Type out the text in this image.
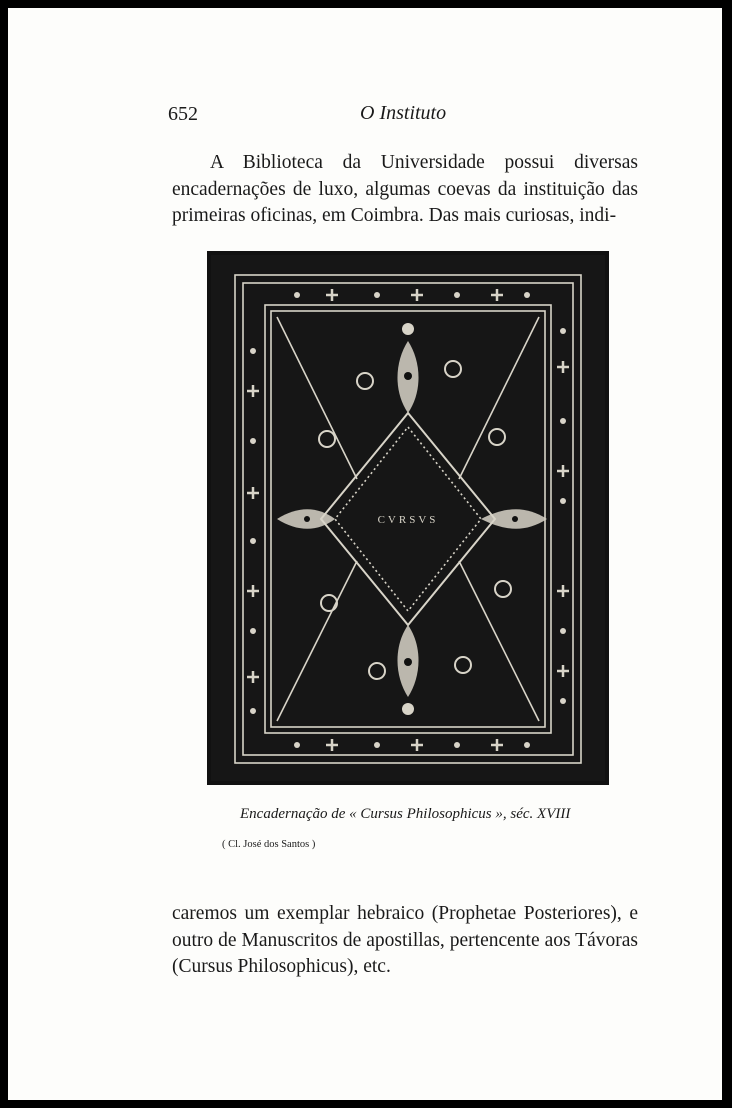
652	O Instituto
A Biblioteca da Universidade possui diversas encadernações de luxo, algumas coevas da instituição das primeiras oficinas, em Coimbra. Das mais curiosas, indi-
CVRSVS
Encadernação de « Cursus Philosophicus », séc. XVIII
( Cl. José dos Santos )
caremos um exemplar hebraico (Prophetae Posteriores), e outro de Manuscritos de apostillas, pertencente aos Távoras (Cursus Philosophicus), etc.
